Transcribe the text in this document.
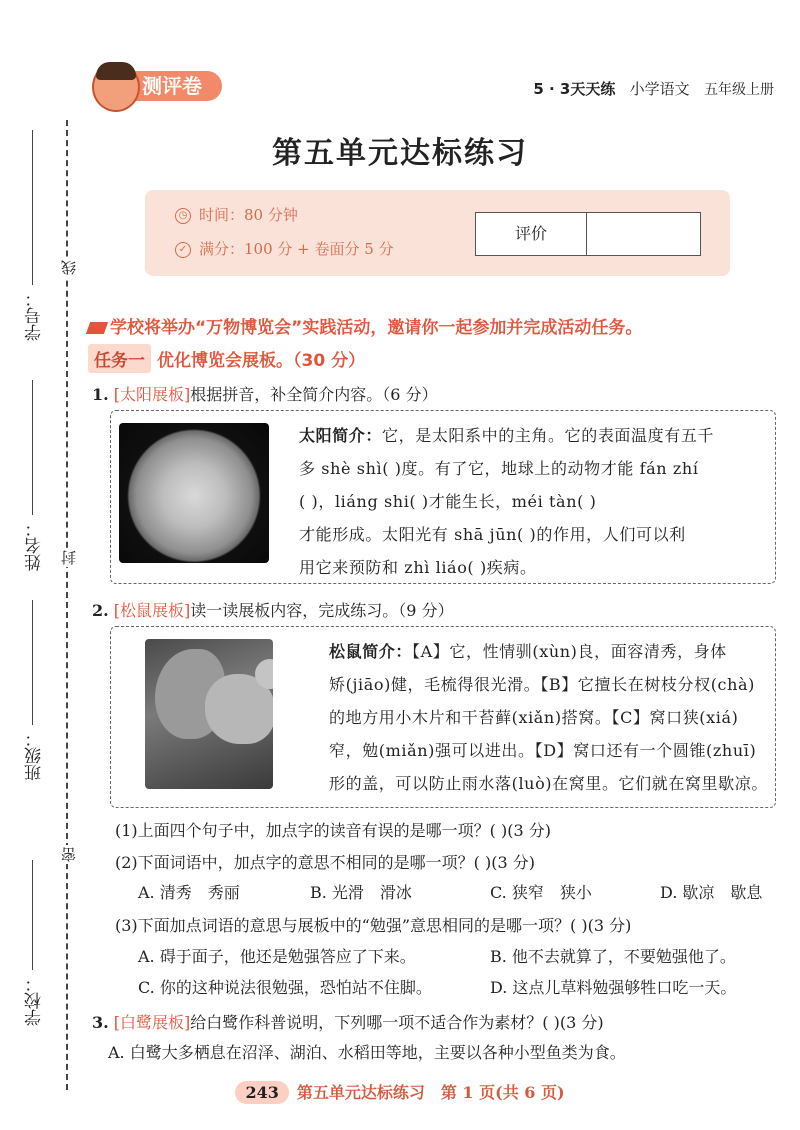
学号：
姓名：
班级：
学校：
线
封
密
测评卷	5 · 3天天练 小学语文 五年级上册
第五单元达标练习
◷ 时间：80 分钟
✓ 满分：100 分 + 卷面分 5 分
评价
学校将举办“万物博览会”实践活动，邀请你一起参加并完成活动任务。
任务一 优化博览会展板。（30 分）
1. [太阳展板]根据拼音，补全简介内容。（6 分）
太阳简介：它，是太阳系中的主角。它的表面温度有五千
多 shè shì( )度。有了它，地球上的动物才能 fán zhí
( )，liáng shi( )才能生长，méi tàn( )
才能形成。太阳光有 shā jūn( )的作用，人们可以利
用它来预防和 zhì liáo( )疾病。
2. [松鼠展板]读一读展板内容，完成练习。（9 分）
松鼠简介：【A】它，性情驯(xùn)良，面容清秀，身体
矫(jiāo)健，毛梳得很光滑。【B】它擅长在树枝分杈(chà)
的地方用小木片和干苔藓(xiǎn)搭窝。【C】窝口狭(xiá)
窄，勉(miǎn)强可以进出。【D】窝口还有一个圆锥(zhuī)
形的盖，可以防止雨水落(luò)在窝里。它们就在窝里歇凉。
(1)上面四个句子中，加点字的读音有误的是哪一项？( )(3 分)
(2)下面词语中，加点字的意思不相同的是哪一项？( )(3 分)
A. 清秀　秀丽	B. 光滑　滑冰	C. 狭窄　狭小	D. 歇凉　歇息
(3)下面加点词语的意思与展板中的“勉强”意思相同的是哪一项？( )(3 分)
A. 碍于面子，他还是勉强答应了下来。	B. 他不去就算了，不要勉强他了。
C. 你的这种说法很勉强，恐怕站不住脚。	D. 这点儿草料勉强够牲口吃一天。
3. [白鹭展板]给白鹭作科普说明，下列哪一项不适合作为素材？( )(3 分)
A. 白鹭大多栖息在沼泽、湖泊、水稻田等地，主要以各种小型鱼类为食。
243 第五单元达标练习　第 1 页(共 6 页)
